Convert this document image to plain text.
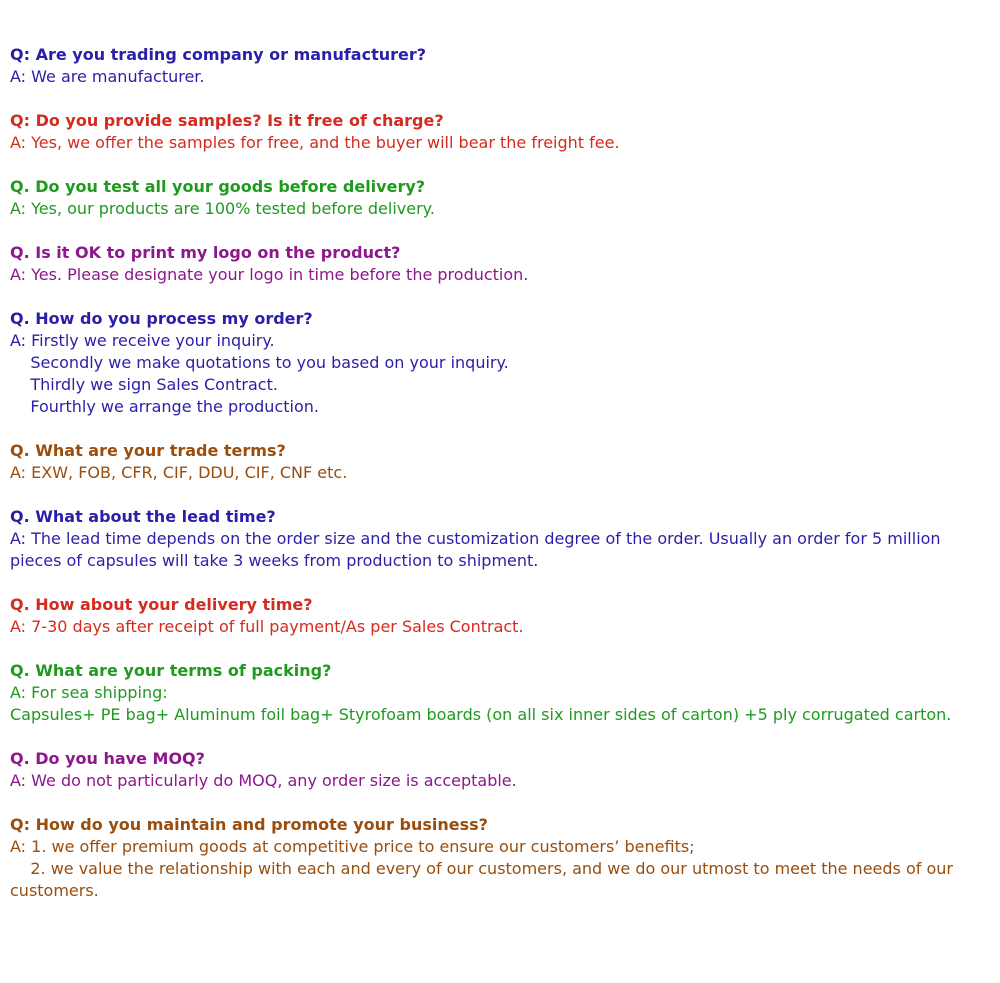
Q: Are you trading company or manufacturer?
A: We are manufacturer.
Q: Do you provide samples? Is it free of charge?
A: Yes, we offer the samples for free, and the buyer will bear the freight fee.
Q. Do you test all your goods before delivery?
A: Yes, our products are 100% tested before delivery.
Q. Is it OK to print my logo on the product?
A: Yes. Please designate your logo in time before the production.
Q. How do you process my order?
A: Firstly we receive your inquiry.
Secondly we make quotations to you based on your inquiry.
Thirdly we sign Sales Contract.
Fourthly we arrange the production.
Q. What are your trade terms?
A: EXW, FOB, CFR, CIF, DDU, CIF, CNF etc.
Q. What about the lead time?
A: The lead time depends on the order size and the customization degree of the order. Usually an order for 5 million pieces of capsules will take 3 weeks from production to shipment.
Q. How about your delivery time?
A: 7-30 days after receipt of full payment/As per Sales Contract.
Q. What are your terms of packing?
A: For sea shipping:
Capsules+ PE bag+ Aluminum foil bag+ Styrofoam boards (on all six inner sides of carton) +5 ply corrugated carton.
Q. Do you have MOQ?
A: We do not particularly do MOQ, any order size is acceptable.
Q: How do you maintain and promote your business?
A: 1. we offer premium goods at competitive price to ensure our customers’ benefits;
2. we value the relationship with each and every of our customers, and we do our utmost to meet the needs of our customers.
